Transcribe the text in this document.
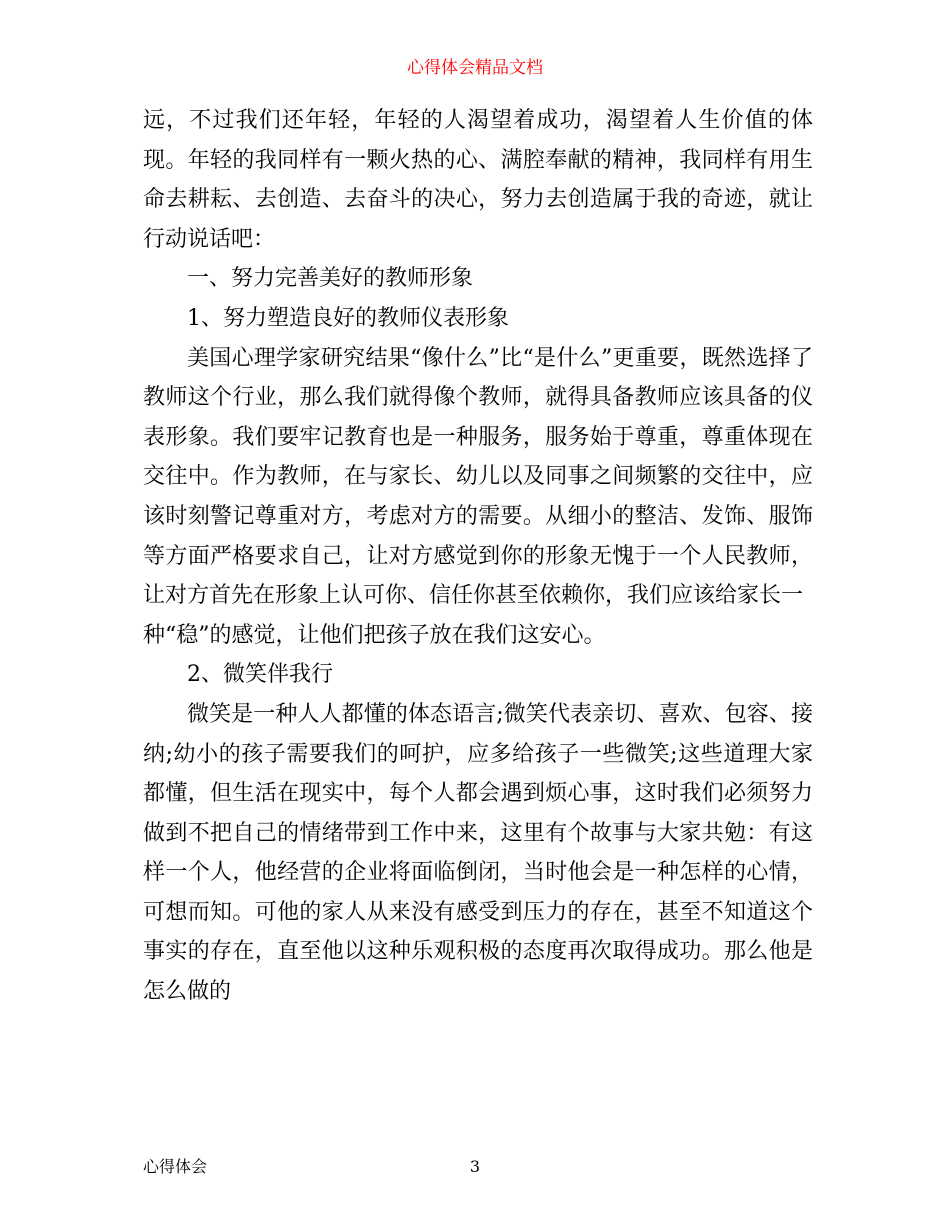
心得体会精品文档

远，不过我们还年轻，年轻的人渴望着成功，渴望着人生价值的体现。年轻的我同样有一颗火热的心、满腔奉献的精神，我同样有用生命去耕耘、去创造、去奋斗的决心，努力去创造属于我的奇迹，就让行动说话吧：

一、努力完善美好的教师形象

1、努力塑造良好的教师仪表形象

美国心理学家研究结果“像什么”比“是什么”更重要，既然选择了教师这个行业，那么我们就得像个教师，就得具备教师应该具备的仪表形象。我们要牢记教育也是一种服务，服务始于尊重，尊重体现在交往中。作为教师，在与家长、幼儿以及同事之间频繁的交往中，应该时刻警记尊重对方，考虑对方的需要。从细小的整洁、发饰、服饰等方面严格要求自己，让对方感觉到你的形象无愧于一个人民教师，让对方首先在形象上认可你、信任你甚至依赖你，我们应该给家长一

种“稳”的感觉，让他们把孩子放在我们这安心。

2、微笑伴我行

微笑是一种人人都懂的体态语言;微笑代表亲切、喜欢、包容、接纳;幼小的孩子需要我们的呵护，应多给孩子一些微笑;这些道理大家都懂，但生活在现实中，每个人都会遇到烦心事，这时我们必须努力做到不把自己的情绪带到工作中来，这里有个故事与大家共勉：有这样一个人，他经营的企业将面临倒闭，当时他会是一种怎样的心情，可想而知。可他的家人从来没有感受到压力的存在，甚至不知道这个事实的存在，直至他以这种乐观积极的态度再次取得成功。那么他是怎么做的

心得体会	3
